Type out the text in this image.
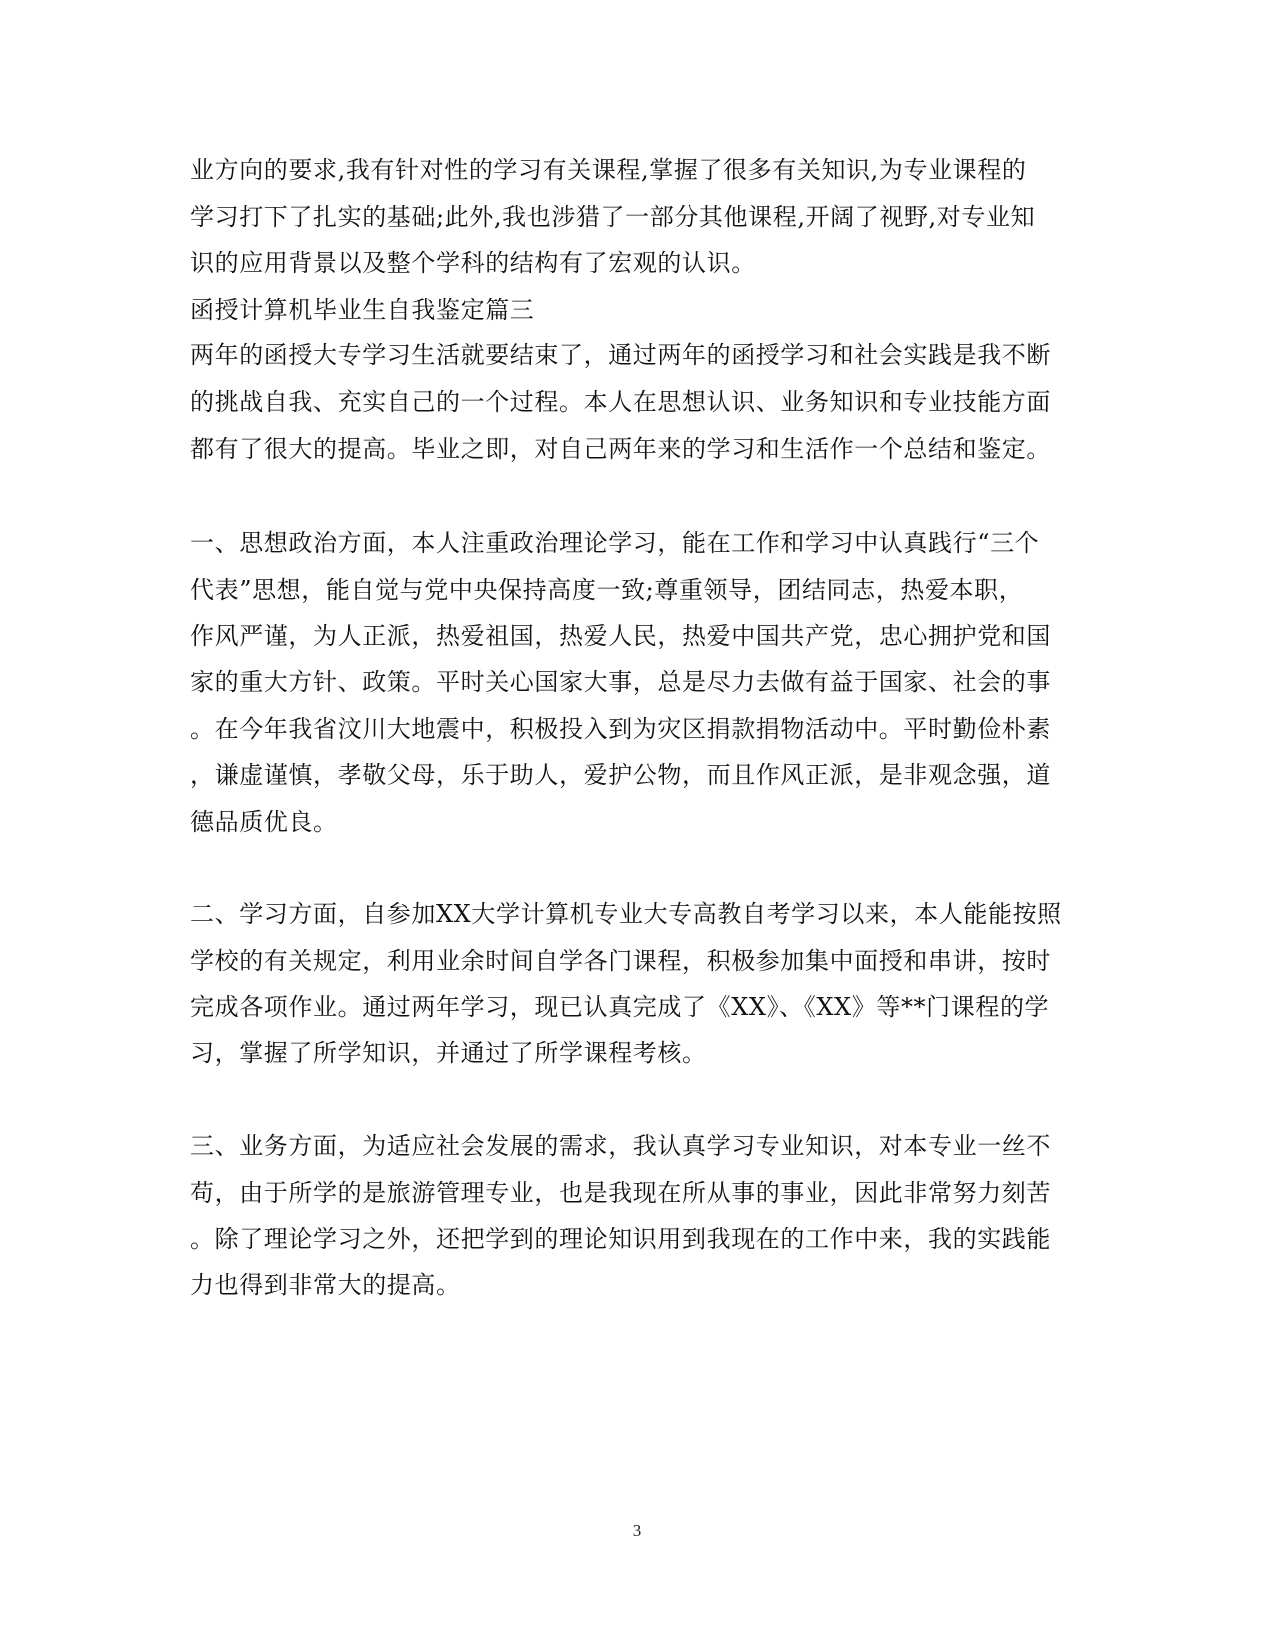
业方向的要求,我有针对性的学习有关课程,掌握了很多有关知识,为专业课程的
学习打下了扎实的基础;此外,我也涉猎了一部分其他课程,开阔了视野,对专业知
识的应用背景以及整个学科的结构有了宏观的认识。
函授计算机毕业生自我鉴定篇三
两年的函授大专学习生活就要结束了，通过两年的函授学习和社会实践是我不断
的挑战自我、充实自己的一个过程。本人在思想认识、业务知识和专业技能方面
都有了很大的提高。毕业之即，对自己两年来的学习和生活作一个总结和鉴定。
一、思想政治方面，本人注重政治理论学习，能在工作和学习中认真践行“三个
代表”思想，能自觉与党中央保持高度一致;尊重领导，团结同志，热爱本职，
作风严谨，为人正派，热爱祖国，热爱人民，热爱中国共产党，忠心拥护党和国
家的重大方针、政策。平时关心国家大事，总是尽力去做有益于国家、社会的事
。在今年我省汶川大地震中，积极投入到为灾区捐款捐物活动中。平时勤俭朴素
，谦虚谨慎，孝敬父母，乐于助人，爱护公物，而且作风正派，是非观念强，道
德品质优良。
二、学习方面，自参加XX大学计算机专业大专高教自考学习以来，本人能能按照
学校的有关规定，利用业余时间自学各门课程，积极参加集中面授和串讲，按时
完成各项作业。通过两年学习，现已认真完成了《XX》、《XX》等**门课程的学
习，掌握了所学知识，并通过了所学课程考核。
三、业务方面，为适应社会发展的需求，我认真学习专业知识，对本专业一丝不
苟，由于所学的是旅游管理专业，也是我现在所从事的事业，因此非常努力刻苦
。除了理论学习之外，还把学到的理论知识用到我现在的工作中来，我的实践能
力也得到非常大的提高。
3
